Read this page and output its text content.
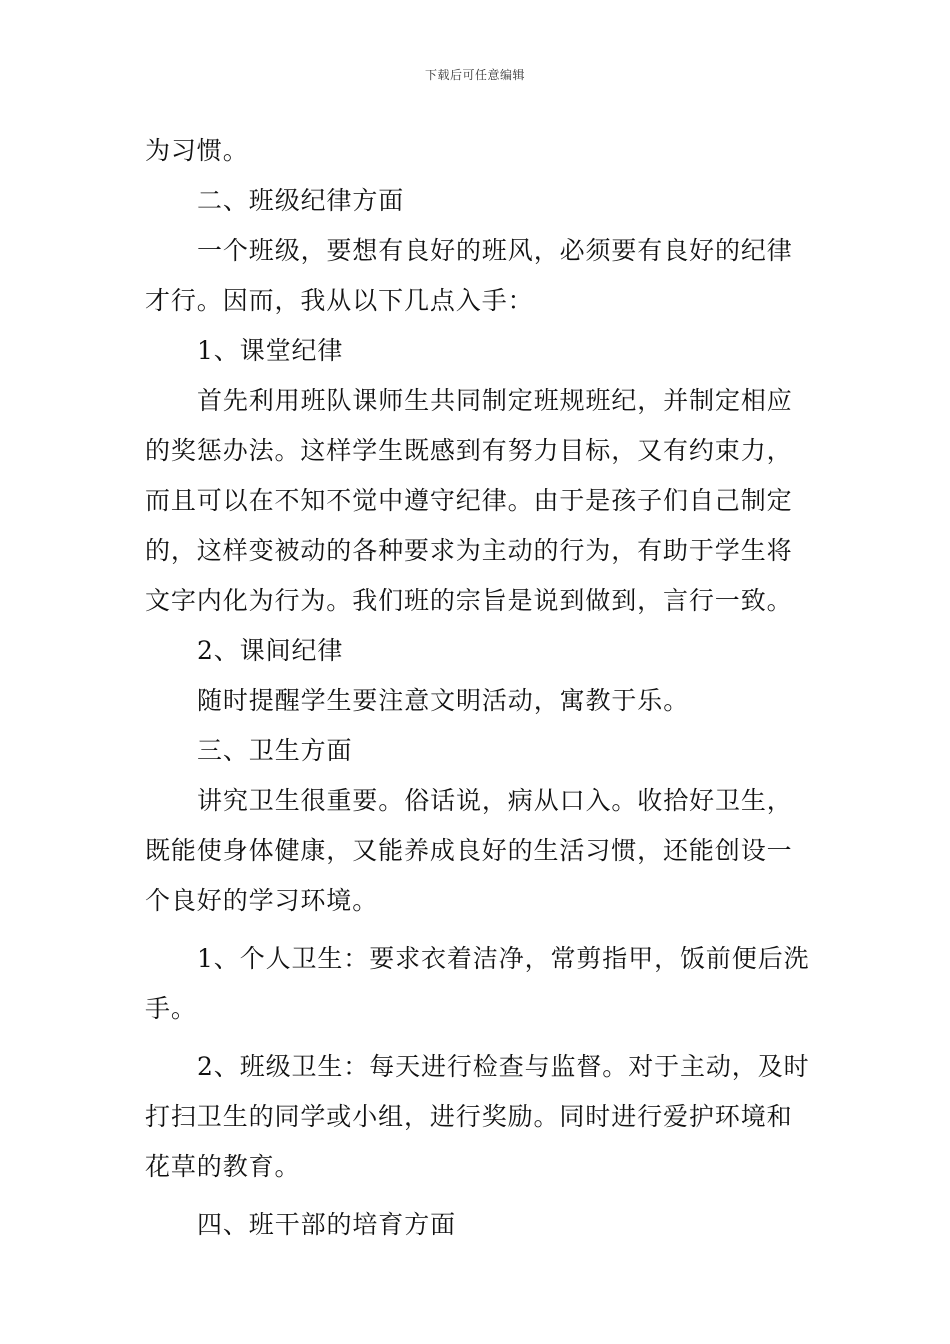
下载后可任意编辑
为习惯。
二、班级纪律方面
一个班级，要想有良好的班风，必须要有良好的纪律
才行。因而，我从以下几点入手：
1、课堂纪律
首先利用班队课师生共同制定班规班纪，并制定相应
的奖惩办法。这样学生既感到有努力目标，又有约束力，
而且可以在不知不觉中遵守纪律。由于是孩子们自己制定
的，这样变被动的各种要求为主动的行为，有助于学生将
文字内化为行为。我们班的宗旨是说到做到，言行一致。
2、课间纪律
随时提醒学生要注意文明活动，寓教于乐。
三、卫生方面
讲究卫生很重要。俗话说，病从口入。收拾好卫生，
既能使身体健康，又能养成良好的生活习惯，还能创设一
个良好的学习环境。
1、个人卫生：要求衣着洁净，常剪指甲，饭前便后洗
手。
2、班级卫生：每天进行检查与监督。对于主动，及时
打扫卫生的同学或小组，进行奖励。同时进行爱护环境和
花草的教育。
四、班干部的培育方面
